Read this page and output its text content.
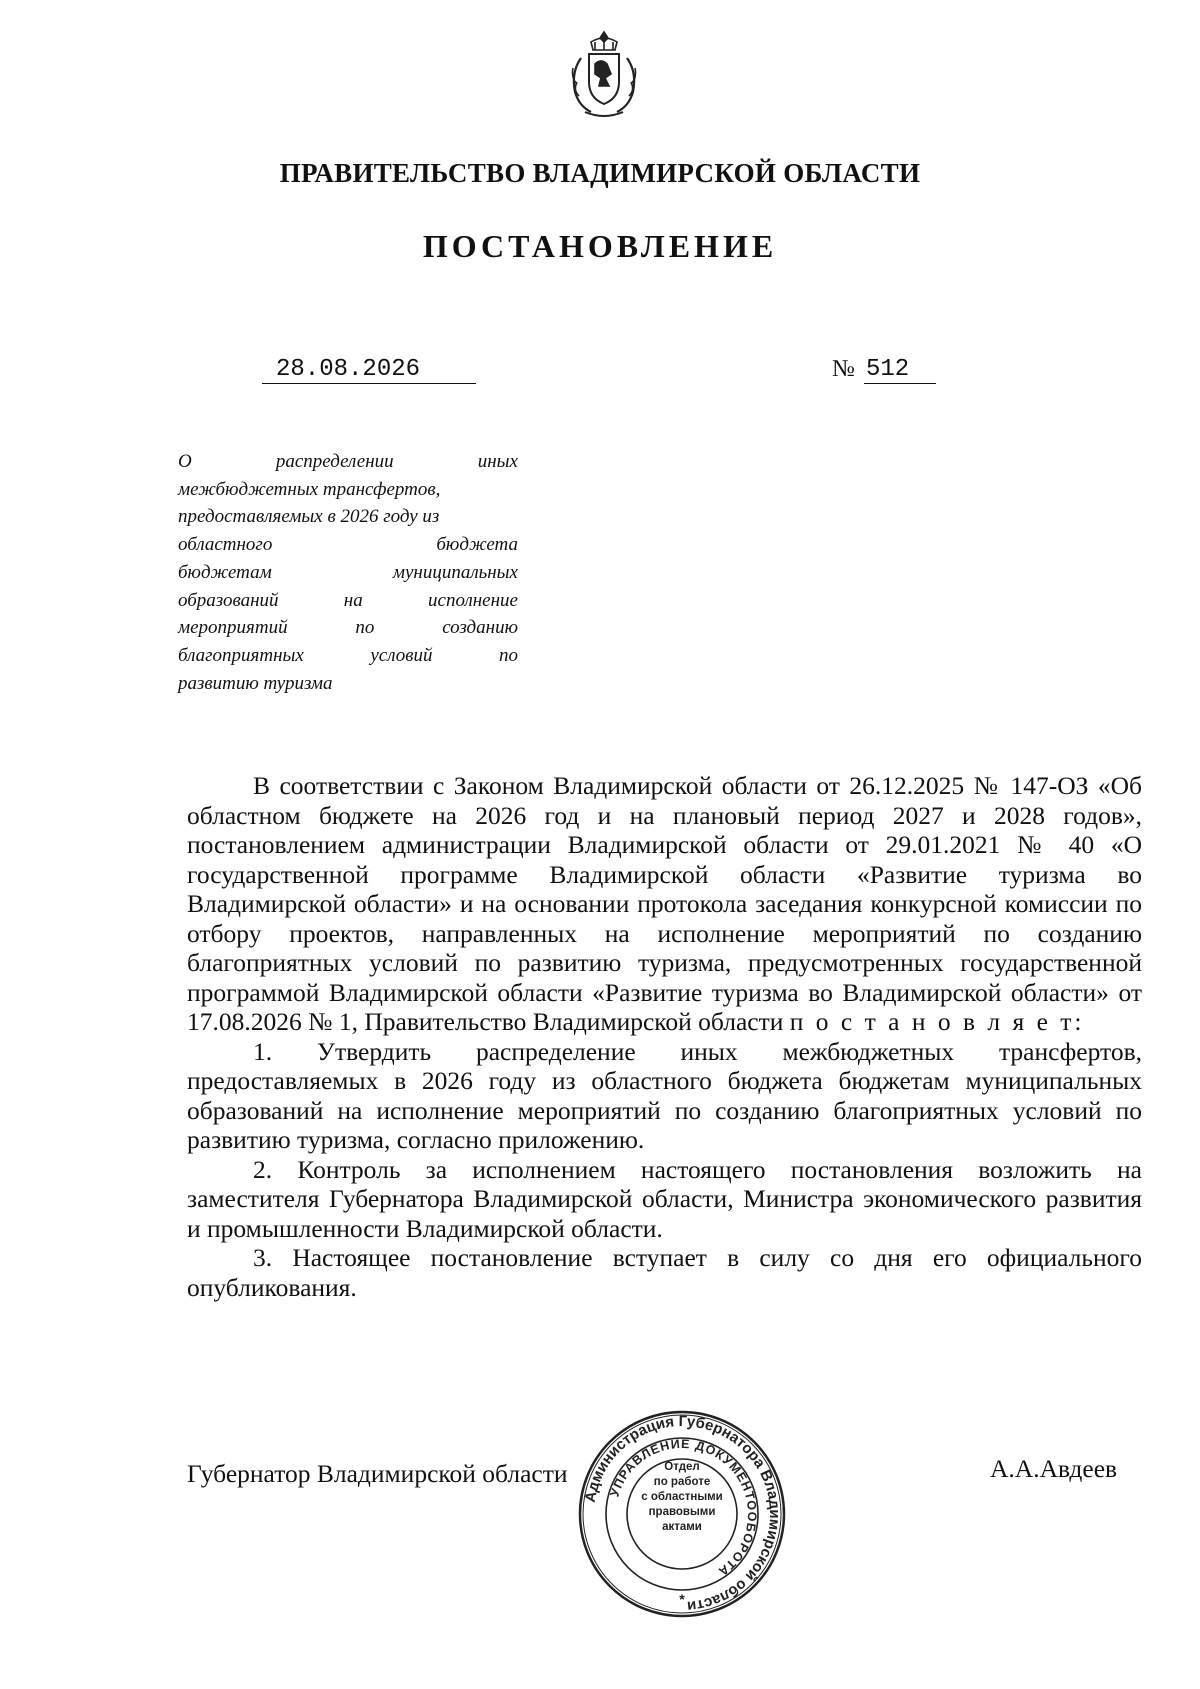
ПРАВИТЕЛЬСТВО ВЛАДИМИРСКОЙ ОБЛАСТИ
ПОСТАНОВЛЕНИЕ
28.08.2026	№ 512
О	распределении	иных
межбюджетных трансфертов,
предоставляемых в 2026 году из
областного	бюджета
бюджетам	муниципальных
образований	на	исполнение
мероприятий	по	созданию
благоприятных	условий	по
развитию туризма

В соответствии с Законом Владимирской области от 26.12.2025 № 147-ОЗ «Об областном бюджете на 2026 год и на плановый период 2027 и 2028 годов», постановлением администрации Владимирской области от 29.01.2021 № 40 «О государственной программе Владимирской области «Развитие туризма во Владимирской области» и на основании протокола заседания конкурсной комиссии по отбору проектов, направленных на исполнение мероприятий по созданию благоприятных условий по развитию туризма, предусмотренных государственной программой Владимирской области «Развитие туризма во Владимирской области» от 17.08.2026 № 1, Правительство Владимирской области п о с т а н о в л я е т:

1. Утвердить распределение иных межбюджетных трансфертов, предоставляемых в 2026 году из областного бюджета бюджетам муниципальных образований на исполнение мероприятий по созданию благоприятных условий по развитию туризма, согласно приложению.

2. Контроль за исполнением настоящего постановления возложить на заместителя Губернатора Владимирской области, Министра экономического развития и промышленности Владимирской области.

3. Настоящее постановление вступает в силу со дня его официального опубликования.

Губернатор Владимирской области	А.А.Авдеев
Администрация Губернатора Владимирской области
УПРАВЛЕНИЕ ДОКУМЕНТООБОРОТА
*
Отдел
по работе
с областными
правовыми
актами
